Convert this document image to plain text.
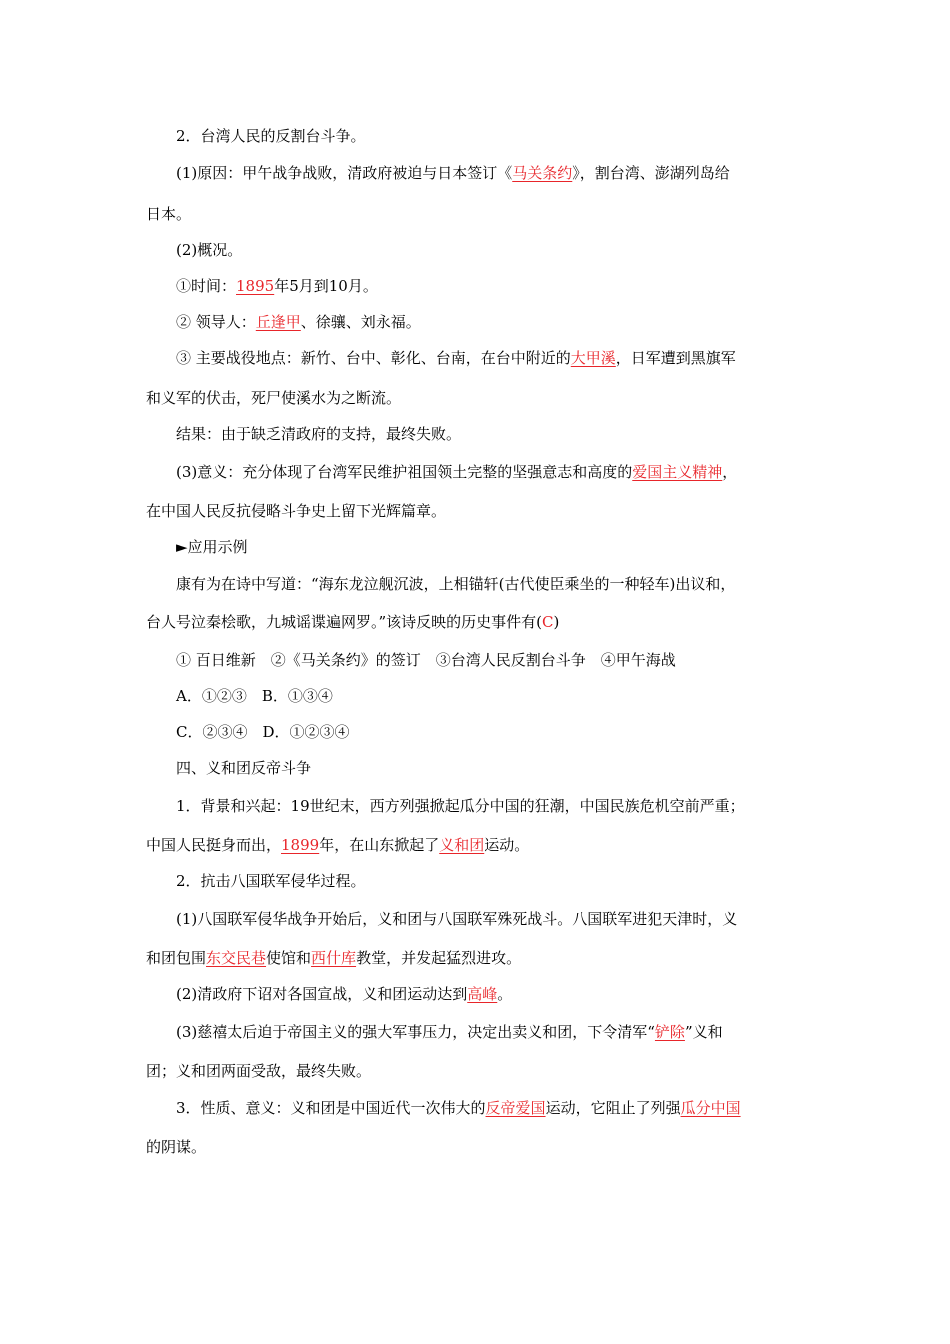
2．台湾人民的反割台斗争。
(1)原因：甲午战争战败，清政府被迫与日本签订《马关条约》，割台湾、澎湖列岛给
日本。
(2)概况。
①时间：1895年5月到10月。
② 领导人：丘逢甲、徐骧、刘永福。
③ 主要战役地点：新竹、台中、彰化、台南，在台中附近的大甲溪，日军遭到黑旗军
和义军的伏击，死尸使溪水为之断流。
结果：由于缺乏清政府的支持，最终失败。
(3)意义：充分体现了台湾军民维护祖国领土完整的坚强意志和高度的爱国主义精神，
在中国人民反抗侵略斗争史上留下光辉篇章。
►应用示例
康有为在诗中写道：“海东龙泣舰沉波，上相锚轩(古代使臣乘坐的一种轻车)出议和，
台人号泣秦桧歌，九城谣谍遍网罗。”该诗反映的历史事件有(C)
① 百日维新　②《马关条约》的签订　③台湾人民反割台斗争　④甲午海战
A．①②③　B．①③④
C．②③④　D．①②③④
四、义和团反帝斗争
1．背景和兴起：19世纪末，西方列强掀起瓜分中国的狂潮，中国民族危机空前严重；
中国人民挺身而出，1899年，在山东掀起了义和团运动。
2．抗击八国联军侵华过程。
(1)八国联军侵华战争开始后，义和团与八国联军殊死战斗。八国联军进犯天津时，义
和团包围东交民巷使馆和西什库教堂，并发起猛烈进攻。
(2)清政府下诏对各国宣战，义和团运动达到高峰。
(3)慈禧太后迫于帝国主义的强大军事压力，决定出卖义和团，下令清军“铲除”义和
团；义和团两面受敌，最终失败。
3．性质、意义：义和团是中国近代一次伟大的反帝爱国运动，它阻止了列强瓜分中国
的阴谋。
